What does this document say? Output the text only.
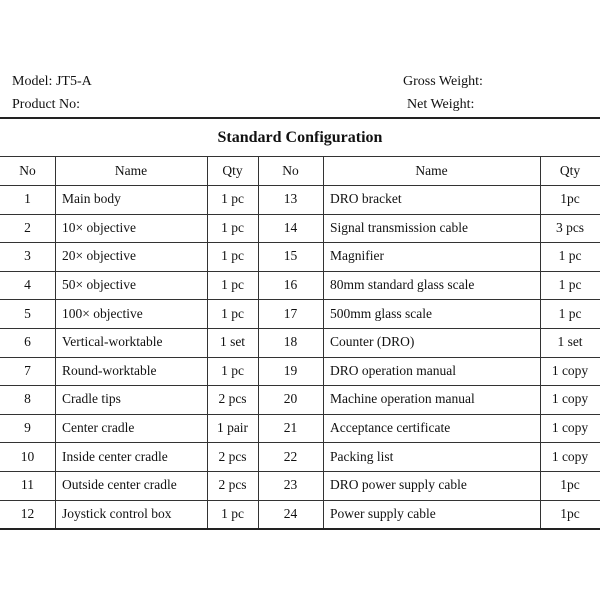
Model: JT5-A	Gross Weight:
Product No:	Net Weight:
Standard Configuration
No	Name	Qty	No	Name	Qty
1	Main body	1 pc	13	DRO bracket	1pc
2	10× objective	1 pc	14	Signal transmission cable	3 pcs
3	20× objective	1 pc	15	Magnifier	1 pc
4	50× objective	1 pc	16	80mm standard glass scale	1 pc
5	100× objective	1 pc	17	500mm glass scale	1 pc
6	Vertical-worktable	1 set	18	Counter (DRO)	1 set
7	Round-worktable	1 pc	19	DRO operation manual	1 copy
8	Cradle tips	2 pcs	20	Machine operation manual	1 copy
9	Center cradle	1 pair	21	Acceptance certificate	1 copy
10	Inside center cradle	2 pcs	22	Packing list	1 copy
11	Outside center cradle	2 pcs	23	DRO power supply cable	1pc
12	Joystick control box	1 pc	24	Power supply cable	1pc
